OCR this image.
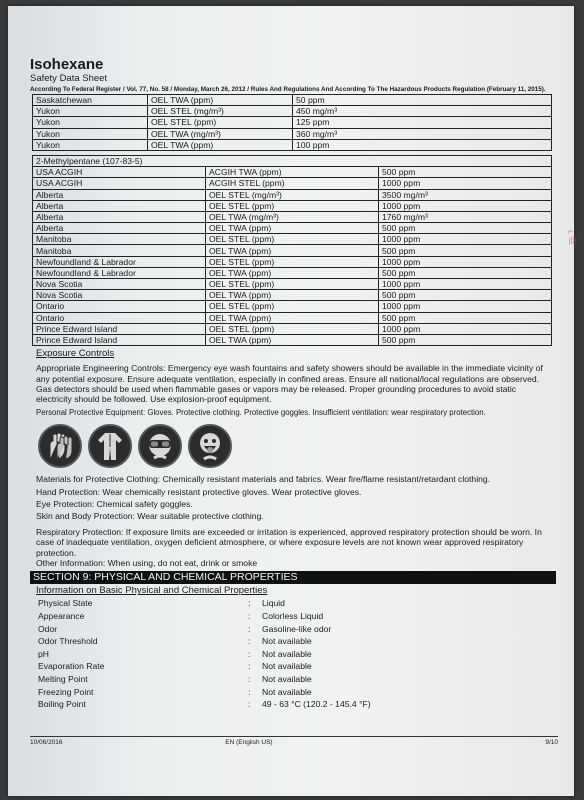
⌐
商
Isohexane
Safety Data Sheet
According To Federal Register / Vol. 77, No. 58 / Monday, March 26, 2012 / Rules And Regulations And According To The Hazardous Products Regulation (February 11, 2015).
Saskatchewan	OEL TWA (ppm)	50 ppm
Yukon	OEL STEL (mg/m³)	450 mg/m³
Yukon	OEL STEL (ppm)	125 ppm
Yukon	OEL TWA (mg/m³)	360 mg/m³
Yukon	OEL TWA (ppm)	100 ppm
2-Methylpentane (107-83-5)		
USA ACGIH	ACGIH TWA (ppm)	500 ppm
USA ACGIH	ACGIH STEL (ppm)	1000 ppm
Alberta	OEL STEL (mg/m³)	3500 mg/m³
Alberta	OEL STEL (ppm)	1000 ppm
Alberta	OEL TWA (mg/m³)	1760 mg/m³
Alberta	OEL TWA (ppm)	500 ppm
Manitoba	OEL STEL (ppm)	1000 ppm
Manitoba	OEL TWA (ppm)	500 ppm
Newfoundland & Labrador	OEL STEL (ppm)	1000 ppm
Newfoundland & Labrador	OEL TWA (ppm)	500 ppm
Nova Scotia	OEL STEL (ppm)	1000 ppm
Nova Scotia	OEL TWA (ppm)	500 ppm
Ontario	OEL STEL (ppm)	1000 ppm
Ontario	OEL TWA (ppm)	500 ppm
Prince Edward Island	OEL STEL (ppm)	1000 ppm
Prince Edward Island	OEL TWA (ppm)	500 ppm
Exposure Controls
Appropriate Engineering Controls: Emergency eye wash fountains and safety showers should be available in the immediate vicinity of any potential exposure. Ensure adequate ventilation, especially in confined areas. Ensure all national/local regulations are observed. Gas detectors should be used when flammable gases or vapors may be released. Proper grounding procedures to avoid static electricity should be followed. Use explosion-proof equipment.
Personal Protective Equipment: Gloves. Protective clothing. Protective goggles. Insufficient ventilation: wear respiratory protection.
Materials for Protective Clothing: Chemically resistant materials and fabrics. Wear fire/flame resistant/retardant clothing.
Hand Protection: Wear chemically resistant protective gloves. Wear protective gloves.
Eye Protection: Chemical safety goggles.
Skin and Body Protection: Wear suitable protective clothing.
Respiratory Protection: If exposure limits are exceeded or irritation is experienced, approved respiratory protection should be worn. In case of inadequate ventilation, oxygen deficient atmosphere, or where exposure levels are not known wear approved respiratory protection.
Other Information: When using, do not eat, drink or smoke
SECTION 9: PHYSICAL AND CHEMICAL PROPERTIES
Information on Basic Physical and Chemical Properties
Physical State	:	Liquid
Appearance	:	Colorless Liquid
Odor	:	Gasoline-like odor
Odor Threshold	:	Not available
pH	:	Not available
Evaporation Rate	:	Not available
Melting Point	:	Not available
Freezing Point	:	Not available
Boiling Point	:	49 - 63 °C (120.2 - 145.4 °F)
10/06/2016	EN (English US)	9/10
